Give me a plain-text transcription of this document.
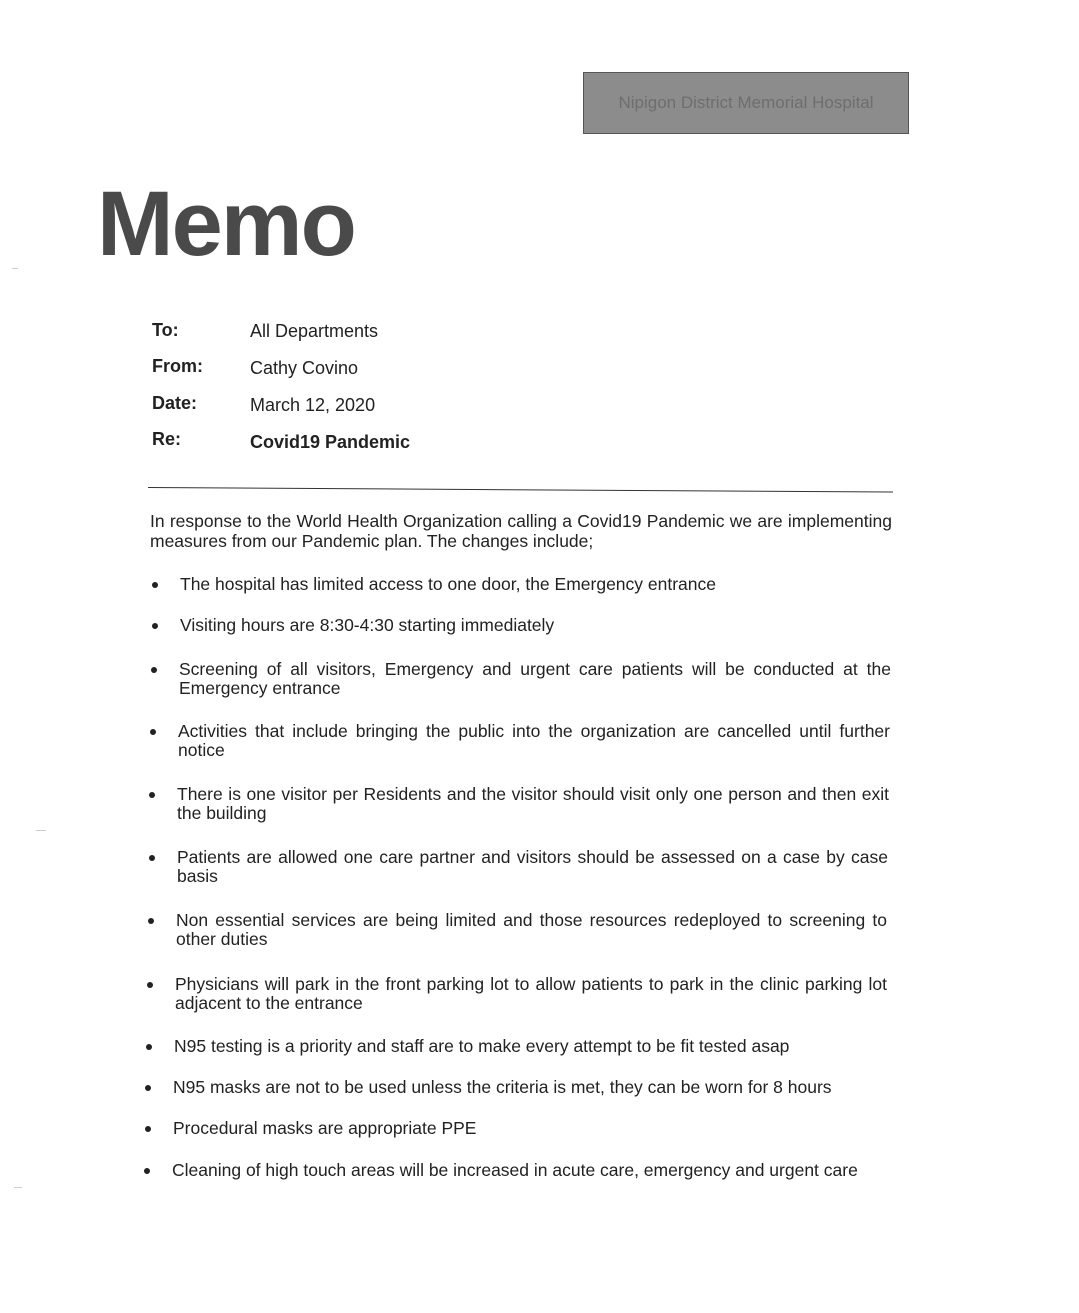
Nipigon District Memorial Hospital
Memo
To:	All Departments
From:	Cathy Covino
Date:	March 12, 2020
Re:	Covid19 Pandemic
In response to the World Health Organization calling a Covid19 Pandemic we are implementing measures from our Pandemic plan. The changes include;
The hospital has limited access to one door, the Emergency entrance
Visiting hours are 8:30-4:30 starting immediately
Screening of all visitors, Emergency and urgent care patients will be conducted at the Emergency entrance
Activities that include bringing the public into the organization are cancelled until further notice
There is one visitor per Residents and the visitor should visit only one person and then exit the building
Patients are allowed one care partner and visitors should be assessed on a case by case basis
Non essential services are being limited and those resources redeployed to screening to other duties
Physicians will park in the front parking lot to allow patients to park in the clinic parking lot adjacent to the entrance
N95 testing is a priority and staff are to make every attempt to be fit tested asap
N95 masks are not to be used unless the criteria is met, they can be worn for 8 hours
Procedural masks are appropriate PPE
Cleaning of high touch areas will be increased in acute care, emergency and urgent care
